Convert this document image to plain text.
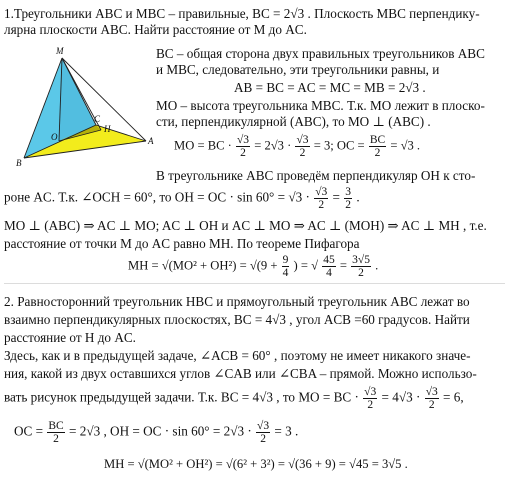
1.Треугольники ABC и MBC – правильные, BC = 2√3 . Плоскость MBC перпендику-
лярна плоскости ABC. Найти расстояние от M до AC.
M
C
H
O	A
B
BC – общая сторона двух правильных треугольников ABC
и MBC, следовательно, эти треугольники равны, и
AB = BC = AC = MC = MB = 2√3 .
MO – высота треугольника MBC. Т.к. MO лежит в плоско-
сти, перпендикулярной (ABC), то MO ⊥ (ABC) .
MO = BC · $\frac{√3}{2} = 2√3 \cdot \frac{√3}{2} = 3$; OC = $\frac{BC}{2} = √3$ .
В треугольнике ABC проведём перпендикуляр OH к сто-
роне AC. Т.к. ∠OCH = 60°, то OH = OC · $\sin 60^\circ = √3 \cdot \frac{√3}{2} = \frac{3}{2}$ .
MO ⊥ (ABC) ⇒ AC ⊥ MO; AC ⊥ OH и AC ⊥ MO ⇒ AC ⊥ (MOH) ⇒ AC ⊥ MH , т.е.
расстояние от точки M до AC равно MH. По теореме Пифагора
MH = $√(MO^2 + OH^2) = √(9 + \frac{9}{4}$ ) = √ $\frac{45}{4} = \frac{3√5}{2}$ .
2. Равносторонний треугольник HBC и прямоугольный треугольник ABC лежат во
взаимно перпендикулярных плоскостях, BC = 4√3 , угол ACB =60 градусов. Найти
расстояние от H до AC.
Здесь, как и в предыдущей задаче, ∠ACB = 60° , поэтому не имеет никакого значе-
ния, какой из двух оставшихся углов ∠CAB или ∠CBA – прямой. Можно использо-
вать рисунок предыдущей задачи. Т.к. BC = 4√3 , то MO = BC · $\frac{√3}{2} = 4√3 \cdot \frac{√3}{2} = 6$,
OC = $\frac{BC}{2} = 2√3$ , OH = OC · $\sin 60^\circ = 2√3 \cdot \frac{√3}{2} = 3$ .
MH = √(MO² + OH²) = √(6² + 3²) = √(36 + 9) = √45 = 3√5 .
